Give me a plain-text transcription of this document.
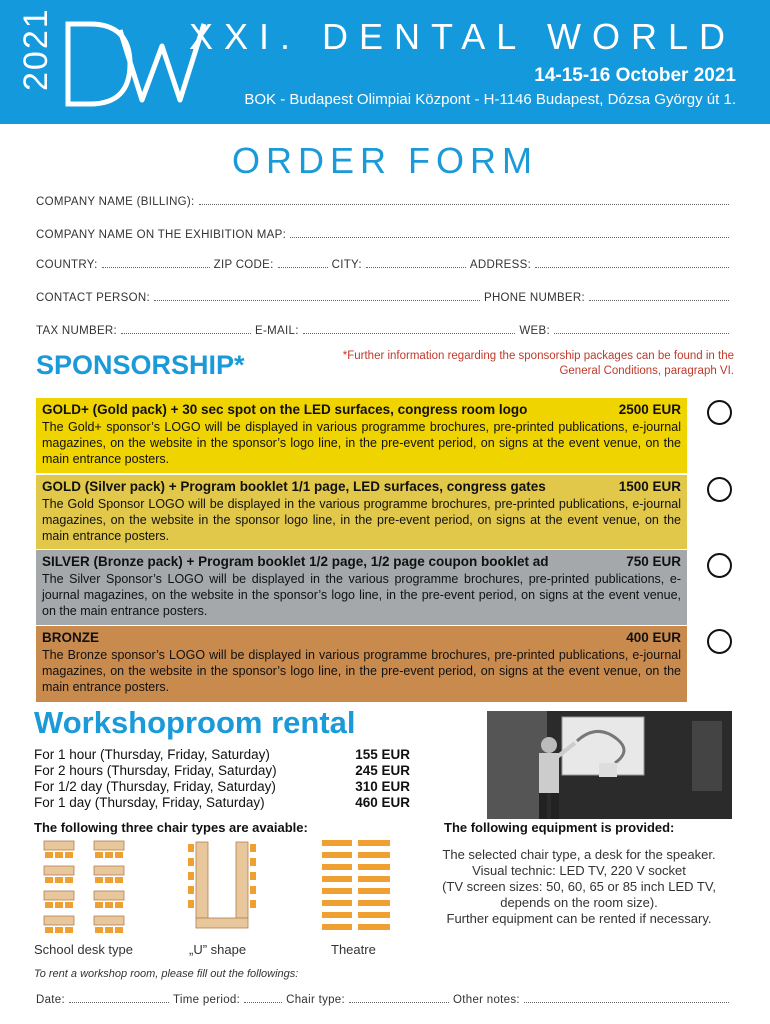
2021	XXI. DENTAL WORLD
14-15-16 October 2021
BOK - Budapest Olimpiai Központ - H-1146 Budapest, Dózsa György út 1.
ORDER FORM
COMPANY NAME (BILLING):
COMPANY NAME ON THE EXHIBITION MAP:
COUNTRY:	ZIP CODE:	CITY:	ADDRESS:
CONTACT PERSON:	PHONE NUMBER:
TAX NUMBER:	E-MAIL:	WEB:
SPONSORSHIP*	*Further information regarding the sponsorship packages can be found in the General Conditions, paragraph VI.
GOLD+ (Gold pack) + 30 sec spot on the LED surfaces, congress room logo	2500 EUR
The Gold+ sponsor’s LOGO will be displayed in various programme brochures, pre-printed publications, e-journal magazines, on the website in the sponsor’s logo line, in the pre-event period, on signs at the event venue, on the main entrance posters.
GOLD (Silver pack) + Program booklet 1/1 page, LED surfaces, congress gates	1500 EUR
The Gold Sponsor LOGO will be displayed in the various programme brochures, pre-printed publications, e-journal magazines, on the website in the sponsor logo line, in the pre-event period, on signs at the event venue, on the main entrance posters.
SILVER (Bronze pack) + Program booklet 1/2 page, 1/2 page coupon booklet ad	750 EUR
The Silver Sponsor’s LOGO will be displayed in the various programme brochures, pre-printed publications, e-journal magazines, on the website in the sponsor’s logo line, in the pre-event period, on signs at the event venue, on the main entrance posters.
BRONZE	400 EUR
The Bronze sponsor’s LOGO will be displayed in various programme brochures, pre-printed publications, e-journal magazines, on the website in the sponsor’s logo line, in the pre-event period, on signs at the event venue, on the main entrance posters.
Workshoproom rental
For 1 hour (Thursday, Friday, Saturday)	155 EUR
For 2 hours (Thursday, Friday, Saturday)	245 EUR
For 1/2 day (Thursday, Friday, Saturday)	310 EUR
For 1 day (Thursday, Friday, Saturday)	460 EUR
The following three chair types are avaiable:	The following equipment is provided:
The selected chair type, a desk for the speaker.
Visual technic: LED TV, 220 V socket
(TV screen sizes: 50, 60, 65 or 85 inch LED TV,
depends on the room size).
Further equipment can be rented if necessary.
School desk type	„U” shape	Theatre
To rent a workshop room, please fill out the followings:
Date:	Time period:	Chair type:	Other notes:
